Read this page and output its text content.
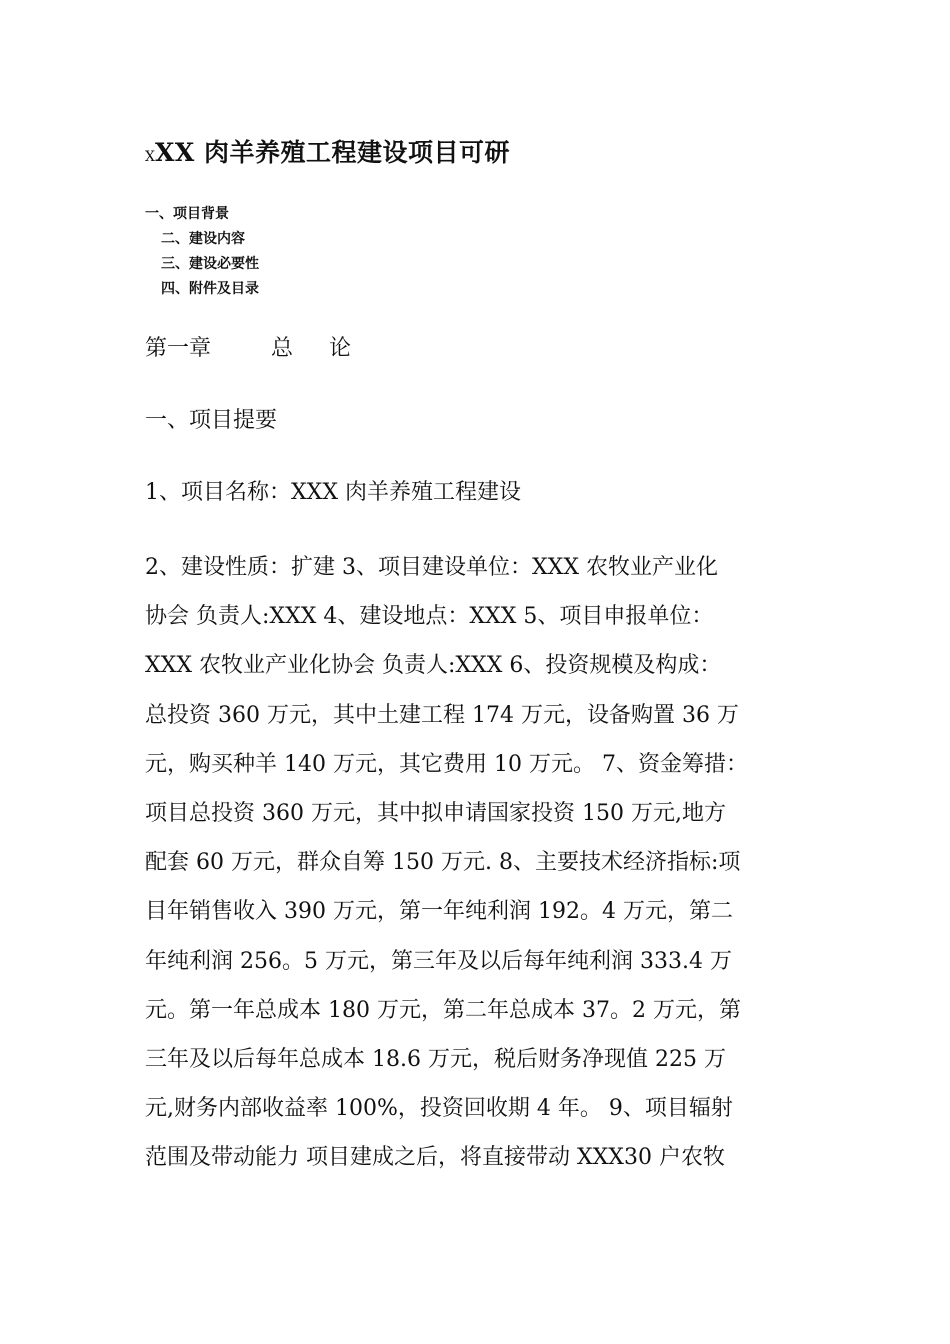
XXX 肉羊养殖工程建设项目可研
一、项目背景
二、建设内容
三、建设必要性
四、附件及目录
第一章	总论
一、项目提要
1、项目名称：XXX 肉羊养殖工程建设
2、建设性质：扩建 3、项目建设单位：XXX 农牧业产业化
协会 负责人:XXX 4、建设地点：XXX 5、项目申报单位：
XXX 农牧业产业化协会 负责人:XXX 6、投资规模及构成：
总投资 360 万元，其中土建工程 174 万元，设备购置 36 万
元，购买种羊 140 万元，其它费用 10 万元。 7、资金筹措：
项目总投资 360 万元，其中拟申请国家投资 150 万元,地方
配套 60 万元，群众自筹 150 万元. 8、主要技术经济指标:项
目年销售收入 390 万元，第一年纯利润 192。4 万元，第二
年纯利润 256。5 万元，第三年及以后每年纯利润 333.4 万
元。第一年总成本 180 万元，第二年总成本 37。2 万元，第
三年及以后每年总成本 18.6 万元，税后财务净现值 225 万
元,财务内部收益率 100%，投资回收期 4 年。 9、项目辐射
范围及带动能力 项目建成之后，将直接带动 XXX30 户农牧
